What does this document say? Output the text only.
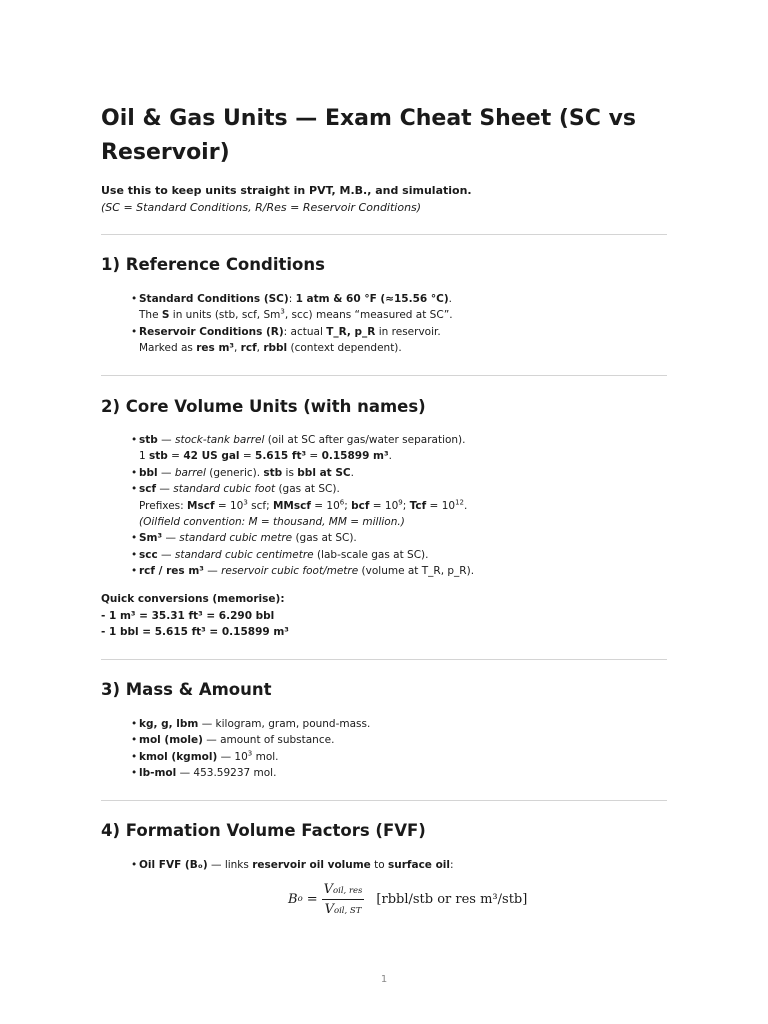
Oil & Gas Units — Exam Cheat Sheet (SC vs Reservoir)
Use this to keep units straight in PVT, M.B., and simulation.
(SC = Standard Conditions, R/Res = Reservoir Conditions)
1) Reference Conditions
• Standard Conditions (SC): 1 atm & 60 °F (≈15.56 °C).
The S in units (stb, scf, Sm$^3$, scc) means “measured at SC”.
• Reservoir Conditions (R): actual T_R, p_R in reservoir.
Marked as res m³, rcf, rbbl (context dependent).
2) Core Volume Units (with names)
• stb — stock-tank barrel (oil at SC after gas/water separation).
1 stb = 42 US gal = 5.615 ft³ = 0.15899 m³.
• bbl — barrel (generic). stb is bbl at SC.
• scf — standard cubic foot (gas at SC).
Prefixes: Mscf = $10^3$ scf; MMscf = $10^6$; bcf = $10^9$; Tcf = $10^{12}$.
(Oilfield convention: M = thousand, MM = million.)
• Sm³ — standard cubic metre (gas at SC).
• scc — standard cubic centimetre (lab-scale gas at SC).
• rcf / res m³ — reservoir cubic foot/metre (volume at T_R, p_R).
Quick conversions (memorise):
- 1 m³ = 35.31 ft³ = 6.290 bbl
- 1 bbl = 5.615 ft³ = 0.15899 m³
3) Mass & Amount
• kg, g, lbm — kilogram, gram, pound-mass.
• mol (mole) — amount of substance.
• kmol (kgmol) — $10^3$ mol.
• lb-mol — 453.59237 mol.
4) Formation Volume Factors (FVF)
• Oil FVF (Bₒ) — links reservoir oil volume to surface oil:
B $o = \frac{\text{Voil, res}}{\text{Voil, ST}}$ [rbbl/stb or res m³/stb]
1
